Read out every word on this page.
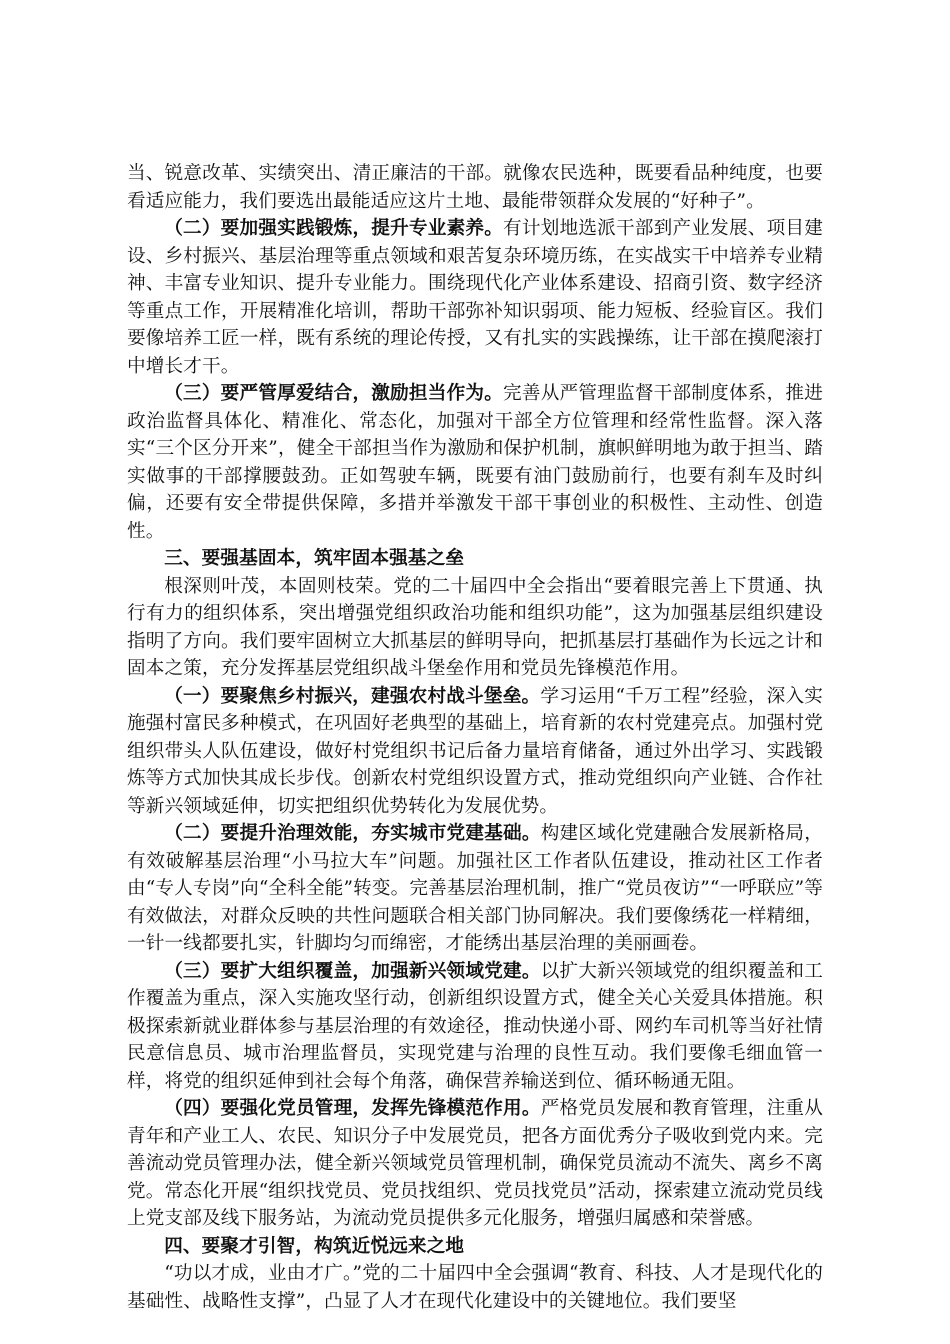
当、锐意改革、实绩突出、清正廉洁的干部。就像农民选种，既要看品种纯度，也要看适应能力，我们要选出最能适应这片土地、最能带领群众发展的“好种子”。

（二）要加强实践锻炼，提升专业素养。有计划地选派干部到产业发展、项目建设、乡村振兴、基层治理等重点领域和艰苦复杂环境历练，在实战实干中培养专业精神、丰富专业知识、提升专业能力。围绕现代化产业体系建设、招商引资、数字经济等重点工作，开展精准化培训，帮助干部弥补知识弱项、能力短板、经验盲区。我们要像培养工匠一样，既有系统的理论传授，又有扎实的实践操练，让干部在摸爬滚打中增长才干。

（三）要严管厚爱结合，激励担当作为。完善从严管理监督干部制度体系，推进政治监督具体化、精准化、常态化，加强对干部全方位管理和经常性监督。深入落实“三个区分开来”，健全干部担当作为激励和保护机制，旗帜鲜明地为敢于担当、踏实做事的干部撑腰鼓劲。正如驾驶车辆，既要有油门鼓励前行，也要有刹车及时纠偏，还要有安全带提供保障，多措并举激发干部干事创业的积极性、主动性、创造性。

三、要强基固本，筑牢固本强基之垒

根深则叶茂，本固则枝荣。党的二十届四中全会指出“要着眼完善上下贯通、执行有力的组织体系，突出增强党组织政治功能和组织功能”，这为加强基层组织建设指明了方向。我们要牢固树立大抓基层的鲜明导向，把抓基层打基础作为长远之计和固本之策，充分发挥基层党组织战斗堡垒作用和党员先锋模范作用。

（一）要聚焦乡村振兴，建强农村战斗堡垒。学习运用“千万工程”经验，深入实施强村富民多种模式，在巩固好老典型的基础上，培育新的农村党建亮点。加强村党组织带头人队伍建设，做好村党组织书记后备力量培育储备，通过外出学习、实践锻炼等方式加快其成长步伐。创新农村党组织设置方式，推动党组织向产业链、合作社等新兴领域延伸，切实把组织优势转化为发展优势。

（二）要提升治理效能，夯实城市党建基础。构建区域化党建融合发展新格局，有效破解基层治理“小马拉大车”问题。加强社区工作者队伍建设，推动社区工作者由“专人专岗”向“全科全能”转变。完善基层治理机制，推广“党员夜访”“一呼联应”等有效做法，对群众反映的共性问题联合相关部门协同解决。我们要像绣花一样精细，一针一线都要扎实，针脚均匀而绵密，才能绣出基层治理的美丽画卷。

（三）要扩大组织覆盖，加强新兴领域党建。以扩大新兴领域党的组织覆盖和工作覆盖为重点，深入实施攻坚行动，创新组织设置方式，健全关心关爱具体措施。积极探索新就业群体参与基层治理的有效途径，推动快递小哥、网约车司机等当好社情民意信息员、城市治理监督员，实现党建与治理的良性互动。我们要像毛细血管一样，将党的组织延伸到社会每个角落，确保营养输送到位、循环畅通无阻。

（四）要强化党员管理，发挥先锋模范作用。严格党员发展和教育管理，注重从青年和产业工人、农民、知识分子中发展党员，把各方面优秀分子吸收到党内来。完善流动党员管理办法，健全新兴领域党员管理机制，确保党员流动不流失、离乡不离党。常态化开展“组织找党员、党员找组织、党员找党员”活动，探索建立流动党员线上党支部及线下服务站，为流动党员提供多元化服务，增强归属感和荣誉感。

四、要聚才引智，构筑近悦远来之地

“功以才成，业由才广。”党的二十届四中全会强调“教育、科技、人才是现代化的基础性、战略性支撑”，凸显了人才在现代化建设中的关键地位。我们要坚
